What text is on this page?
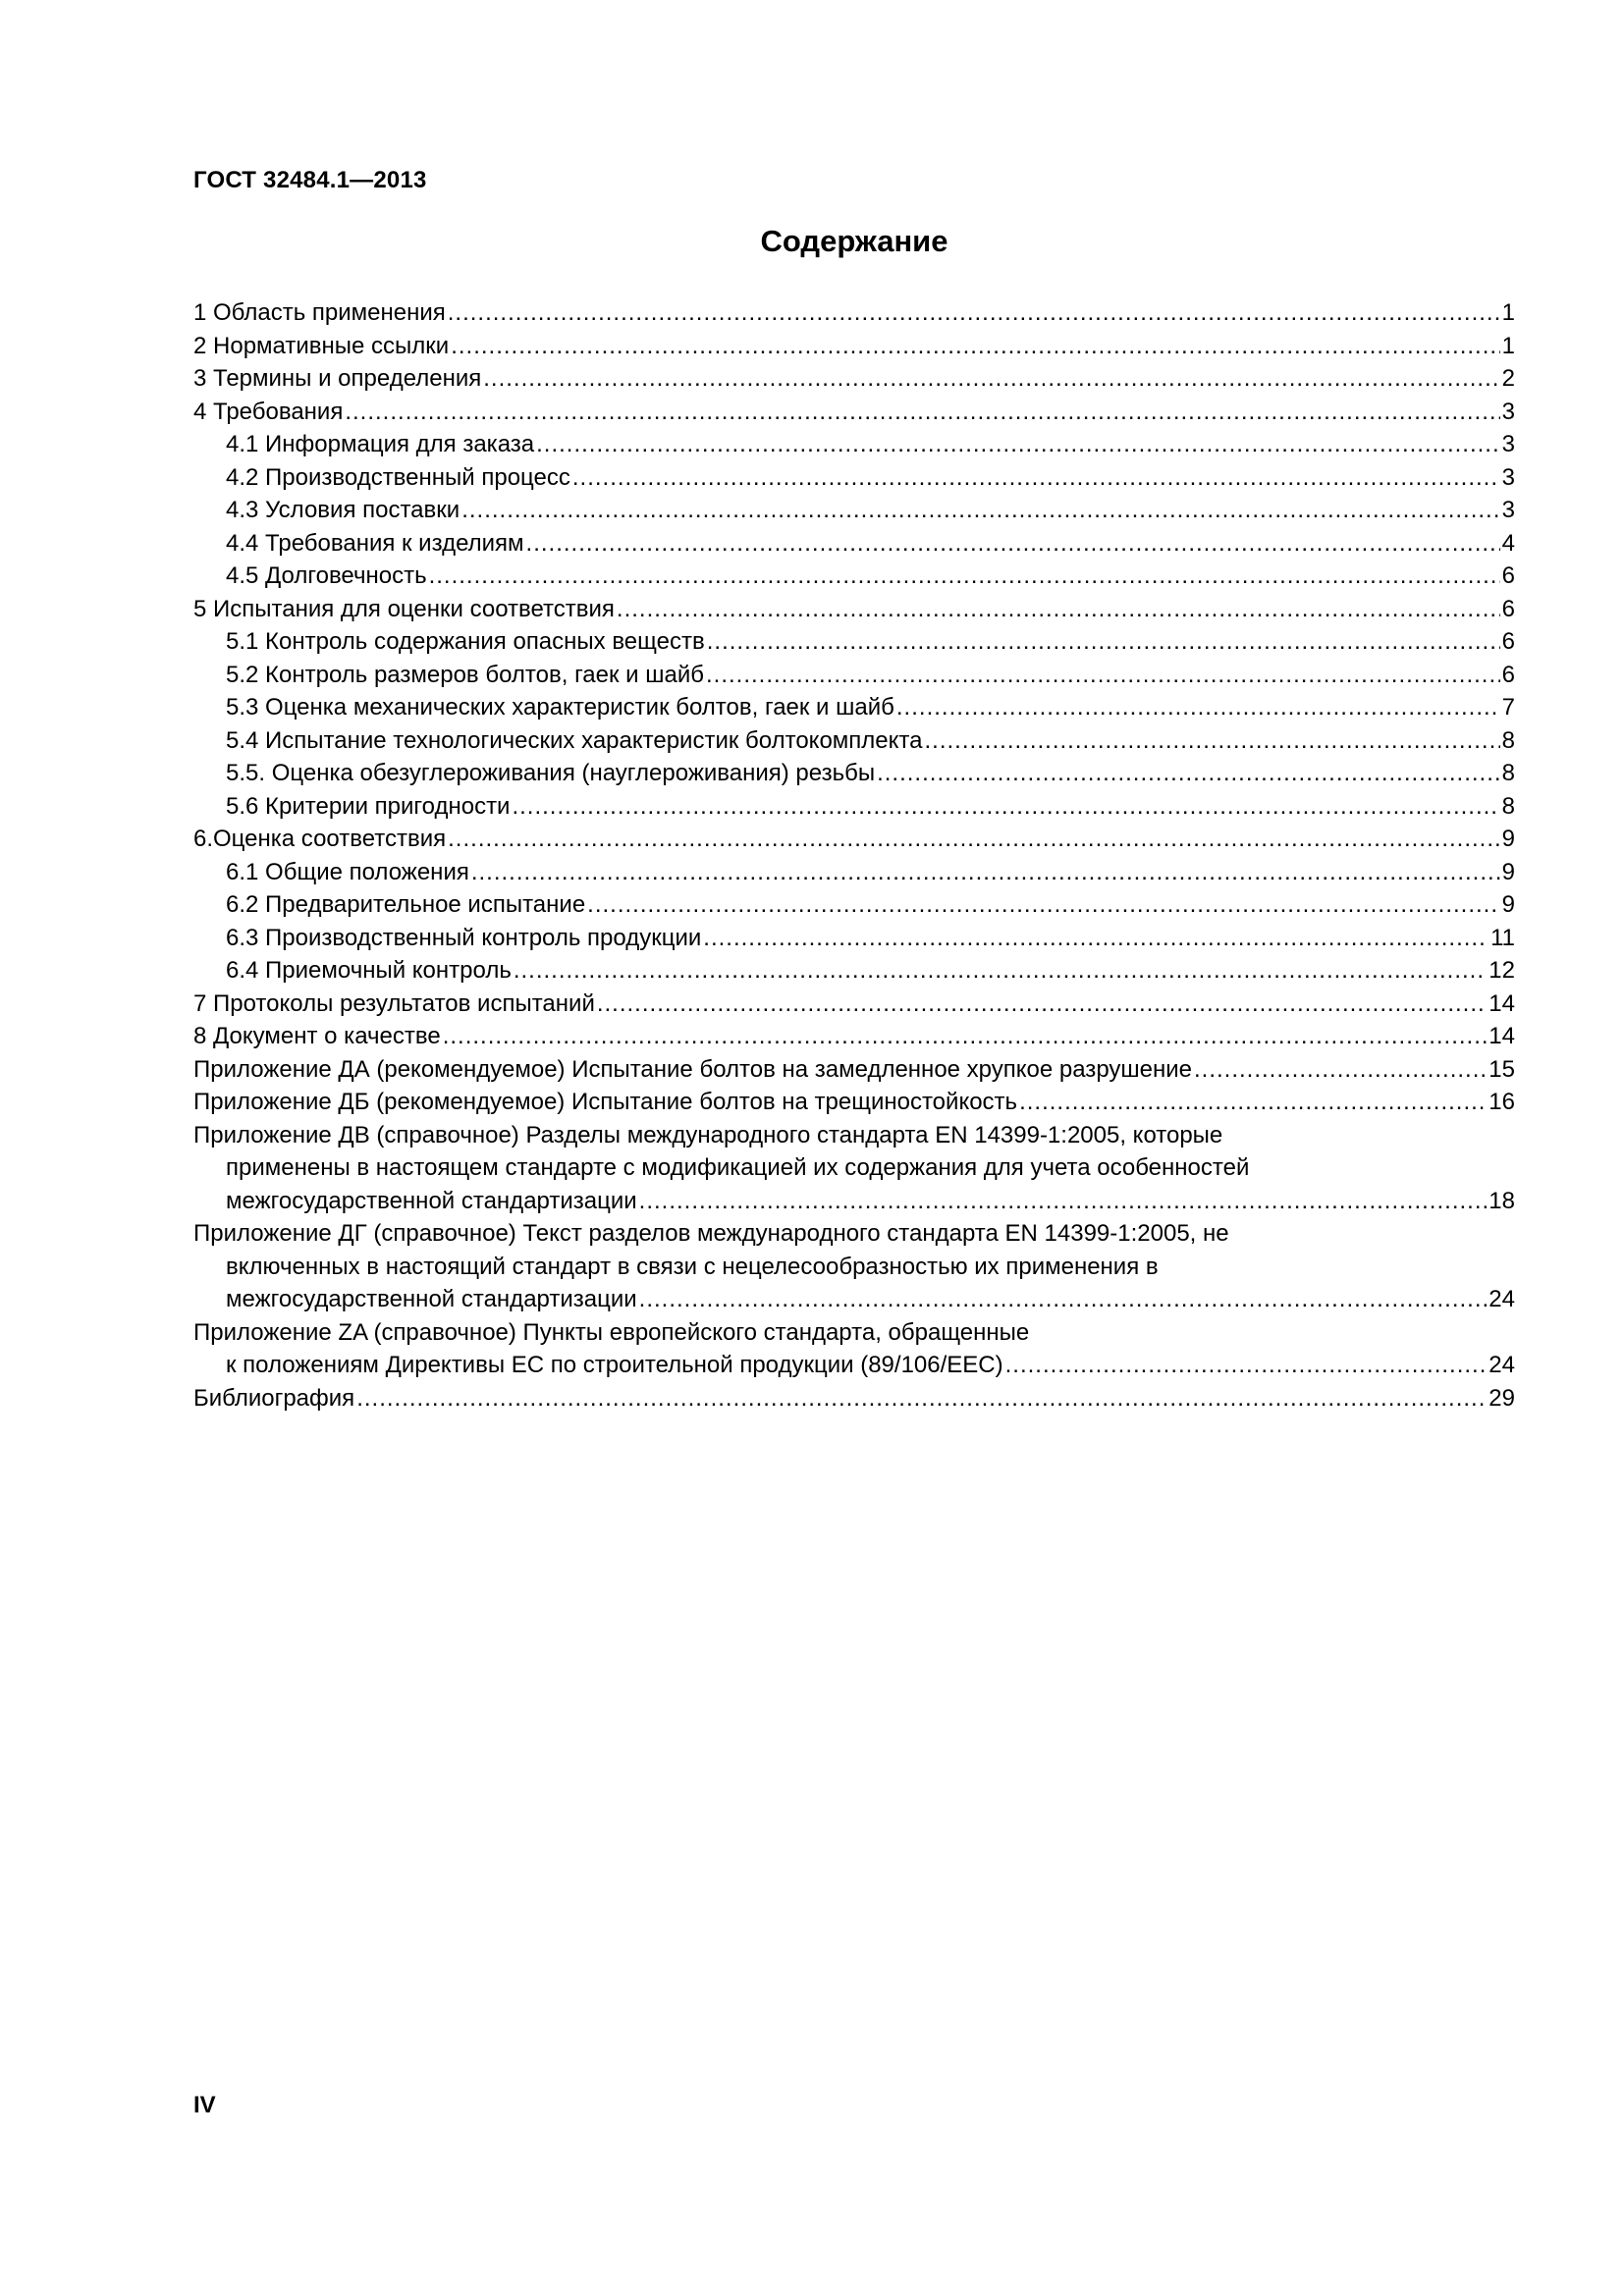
ГОСТ 32484.1—2013
Содержание
1 Область применения .....	1
2 Нормативные ссылки .....	1
3 Термины и определения .....	2
4 Требования .....	3
4.1 Информация для заказа .....	3
4.2 Производственный процесс .....	3
4.3 Условия поставки .....	3
4.4 Требования к изделиям .....	4
4.5 Долговечность .....	6
5 Испытания для оценки соответствия .....	6
5.1 Контроль содержания опасных веществ .....	6
5.2 Контроль размеров болтов, гаек и шайб .....	6
5.3 Оценка механических характеристик болтов, гаек и шайб .....	7
5.4 Испытание технологических характеристик болтокомплекта .....	8
5.5. Оценка обезуглероживания (науглероживания) резьбы .....	8
5.6 Критерии пригодности .....	8
6.Оценка соответствия .....	9
6.1 Общие положения .....	9
6.2 Предварительное испытание .....	9
6.3 Производственный контроль продукции .....	11
6.4 Приемочный контроль .....	12
7 Протоколы результатов испытаний .....	14
8 Документ о качестве .....	14
Приложение ДА (рекомендуемое) Испытание болтов на замедленное хрупкое разрушение .....	15
Приложение ДБ (рекомендуемое) Испытание болтов на трещиностойкость .....	16
Приложение ДВ (справочное) Разделы международного стандарта EN 14399-1:2005, которые
применены в настоящем стандарте с модификацией их содержания для учета особенностей
межгосударственной стандартизации .....	18
Приложение ДГ (справочное) Текст разделов международного стандарта EN 14399-1:2005, не
включенных в настоящий стандарт в связи с нецелесообразностью их применения в
межгосударственной стандартизации .....	24
Приложение ZA (справочное) Пункты европейского стандарта, обращенные
к положениям Директивы ЕС по строительной продукции (89/106/EEC) .....	24
Библиография .....	29
IV
